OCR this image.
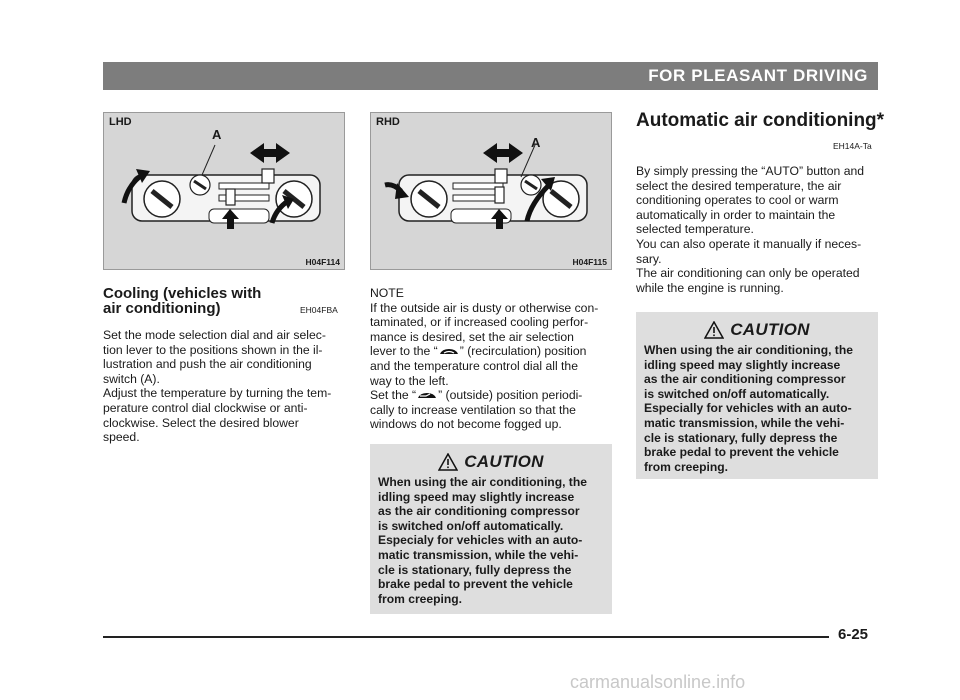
FOR PLEASANT DRIVING
LHD
A
H04F114
RHD
A
H04F115
Cooling (vehicles with
air conditioning)	EH04FBA

Set the mode selection dial and air selec-

tion lever to the positions shown in the il-

lustration and push the air conditioning

switch (A).

Adjust the temperature by turning the tem-

perature control dial clockwise or anti-

clockwise. Select the desired blower

speed.

NOTE

If the outside air is dusty or otherwise con-

taminated, or if increased cooling perfor-

mance is desired, set the air selection

lever to the “ ” (recirculation) position

and the temperature control dial all the

way to the left.

Set the “ ” (outside) position periodi-

cally to increase ventilation so that the

windows do not become fogged up.

CAUTION
When using the air conditioning, the
idling speed may slightly increase
as the air conditioning compressor
is switched on/off automatically.
Especialy for vehicles with an auto-
matic transmission, while the vehi-
cle is stationary, fully depress the
brake pedal to prevent the vehicle
from creeping.
Automatic air conditioning*
EH14A-Ta

By simply pressing the “AUTO” button and

select the desired temperature, the air

conditioning operates to cool or warm

automatically in order to maintain the

selected temperature.

You can also operate it manually if neces-

sary.

The air conditioning can only be operated

while the engine is running.

CAUTION
When using the air conditioning, the
idling speed may slightly increase
as the air conditioning compressor
is switched on/off automatically.
Especially for vehicles with an auto-
matic transmission, while the vehi-
cle is stationary, fully depress the
brake pedal to prevent the vehicle
from creeping.
6-25
carmanualsonline.info
